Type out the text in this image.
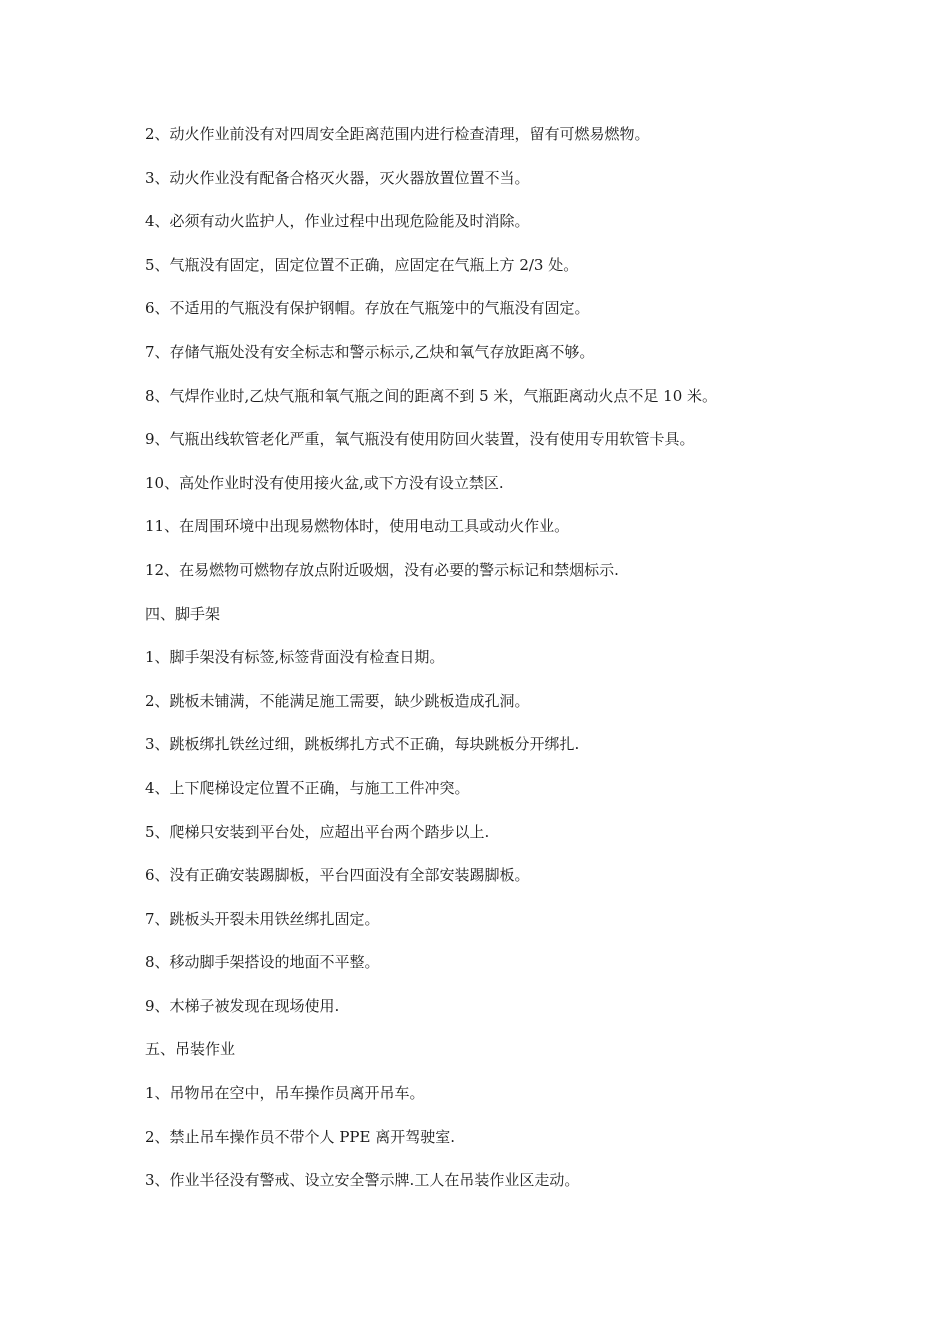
2、动火作业前没有对四周安全距离范围内进行检查清理，留有可燃易燃物。

3、动火作业没有配备合格灭火器，灭火器放置位置不当。

4、必须有动火监护人，作业过程中出现危险能及时消除。

5、气瓶没有固定，固定位置不正确，应固定在气瓶上方 2/3 处。

6、不适用的气瓶没有保护钢帽。存放在气瓶笼中的气瓶没有固定。

7、存储气瓶处没有安全标志和警示标示,乙炔和氧气存放距离不够。

8、气焊作业时,乙炔气瓶和氧气瓶之间的距离不到 5 米，气瓶距离动火点不足 10 米。

9、气瓶出线软管老化严重，氧气瓶没有使用防回火装置，没有使用专用软管卡具。

10、高处作业时没有使用接火盆,或下方没有设立禁区.

11、在周围环境中出现易燃物体时，使用电动工具或动火作业。

12、在易燃物可燃物存放点附近吸烟，没有必要的警示标记和禁烟标示.

四、脚手架

1、脚手架没有标签,标签背面没有检查日期。

2、跳板未铺满，不能满足施工需要，缺少跳板造成孔洞。

3、跳板绑扎铁丝过细，跳板绑扎方式不正确，每块跳板分开绑扎.

4、上下爬梯设定位置不正确，与施工工件冲突。

5、爬梯只安装到平台处，应超出平台两个踏步以上.

6、没有正确安装踢脚板，平台四面没有全部安装踢脚板。

7、跳板头开裂未用铁丝绑扎固定。

8、移动脚手架搭设的地面不平整。

9、木梯子被发现在现场使用.

五、吊装作业

1、吊物吊在空中，吊车操作员离开吊车。

2、禁止吊车操作员不带个人 PPE 离开驾驶室.

3、作业半径没有警戒、设立安全警示牌.工人在吊装作业区走动。
